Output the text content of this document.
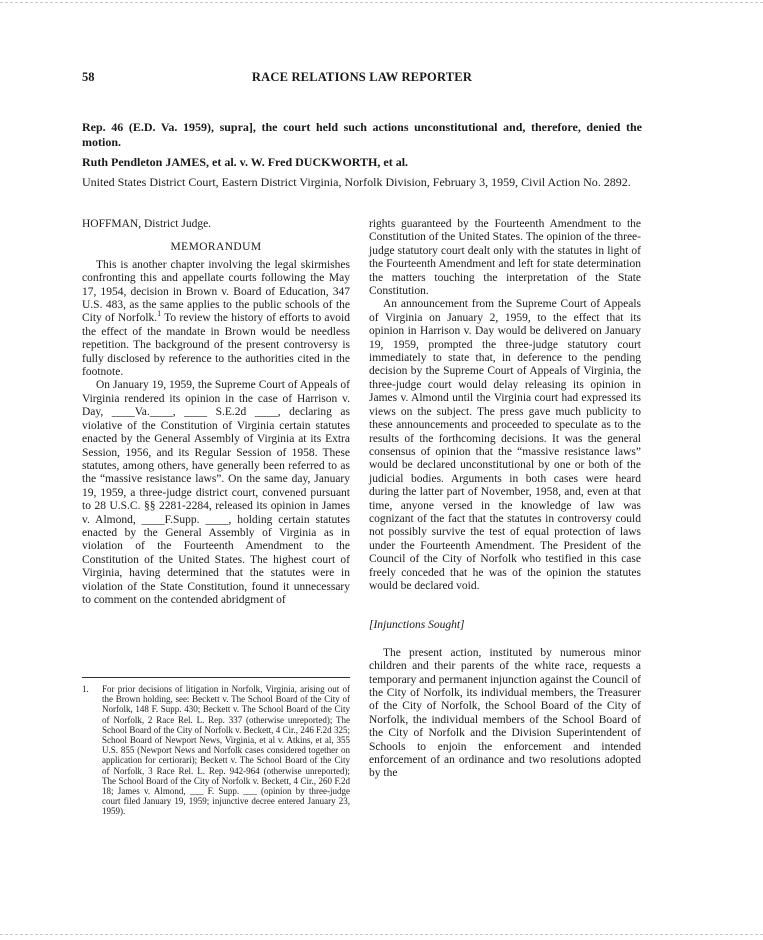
58	RACE RELATIONS LAW REPORTER

Rep. 46 (E.D. Va. 1959), supra], the court held such actions unconstitutional and, therefore, denied the motion.

Ruth Pendleton JAMES, et al. v. W. Fred DUCKWORTH, et al.

United States District Court, Eastern District Virginia, Norfolk Division, February 3, 1959, Civil Action No. 2892.

HOFFMAN, District Judge.

MEMORANDUM

This is another chapter involving the legal skirmishes confronting this and appellate courts following the May 17, 1954, decision in Brown v. Board of Education, 347 U.S. 483, as the same applies to the public schools of the City of Norfolk.$^1$ To review the history of efforts to avoid the effect of the mandate in Brown would be needless repetition. The background of the present controversy is fully disclosed by reference to the authorities cited in the footnote.

On January 19, 1959, the Supreme Court of Appeals of Virginia rendered its opinion in the case of Harrison v. Day, ____Va.____, ____ S.E.2d ____, declaring as violative of the Constitution of Virginia certain statutes enacted by the General Assembly of Virginia at its Extra Session, 1956, and its Regular Session of 1958. These statutes, among others, have generally been referred to as the “massive resistance laws”. On the same day, January 19, 1959, a three-judge district court, convened pursuant to 28 U.S.C. §§ 2281-2284, released its opinion in James v. Almond, ____F.Supp. ____, holding certain statutes enacted by the General Assembly of Virginia as in violation of the Fourteenth Amendment to the Constitution of the United States. The highest court of Virginia, having determined that the statutes were in violation of the State Constitution, found it unnecessary to comment on the contended abridgment of

1.	For prior decisions of litigation in Norfolk, Virginia, arising out of the Brown holding, see: Beckett v. The School Board of the City of Norfolk, 148 F. Supp. 430; Beckett v. The School Board of the City of Norfolk, 2 Race Rel. L. Rep. 337 (otherwise unreported); The School Board of the City of Norfolk v. Beckett, 4 Cir., 246 F.2d 325; School Board of Newport News, Virginia, et al v. Atkins, et al, 355 U.S. 855 (Newport News and Norfolk cases considered together on application for certiorari); Beckett v. The School Board of the City of Norfolk, 3 Race Rel. L. Rep. 942-964 (otherwise unreported); The School Board of the City of Norfolk v. Beckett, 4 Cir., 260 F.2d 18; James v. Almond, ___ F. Supp. ___ (opinion by three-judge court filed January 19, 1959; injunctive decree entered January 23, 1959).

rights guaranteed by the Fourteenth Amendment to the Constitution of the United States. The opinion of the three-judge statutory court dealt only with the statutes in light of the Fourteenth Amendment and left for state determination the matters touching the interpretation of the State Constitution.

An announcement from the Supreme Court of Appeals of Virginia on January 2, 1959, to the effect that its opinion in Harrison v. Day would be delivered on January 19, 1959, prompted the three-judge statutory court immediately to state that, in deference to the pending decision by the Supreme Court of Appeals of Virginia, the three-judge court would delay releasing its opinion in James v. Almond until the Virginia court had expressed its views on the subject. The press gave much publicity to these announcements and proceeded to speculate as to the results of the forthcoming decisions. It was the general consensus of opinion that the “massive resistance laws” would be declared unconstitutional by one or both of the judicial bodies. Arguments in both cases were heard during the latter part of November, 1958, and, even at that time, anyone versed in the knowledge of law was cognizant of the fact that the statutes in controversy could not possibly survive the test of equal protection of laws under the Fourteenth Amendment. The President of the Council of the City of Norfolk who testified in this case freely conceded that he was of the opinion the statutes would be declared void.

[Injunctions Sought]

The present action, instituted by numerous minor children and their parents of the white race, requests a temporary and permanent injunction against the Council of the City of Norfolk, its individual members, the Treasurer of the City of Norfolk, the School Board of the City of Norfolk, the individual members of the School Board of the City of Norfolk and the Division Superintendent of Schools to enjoin the enforcement and intended enforcement of an ordinance and two resolutions adopted by the
